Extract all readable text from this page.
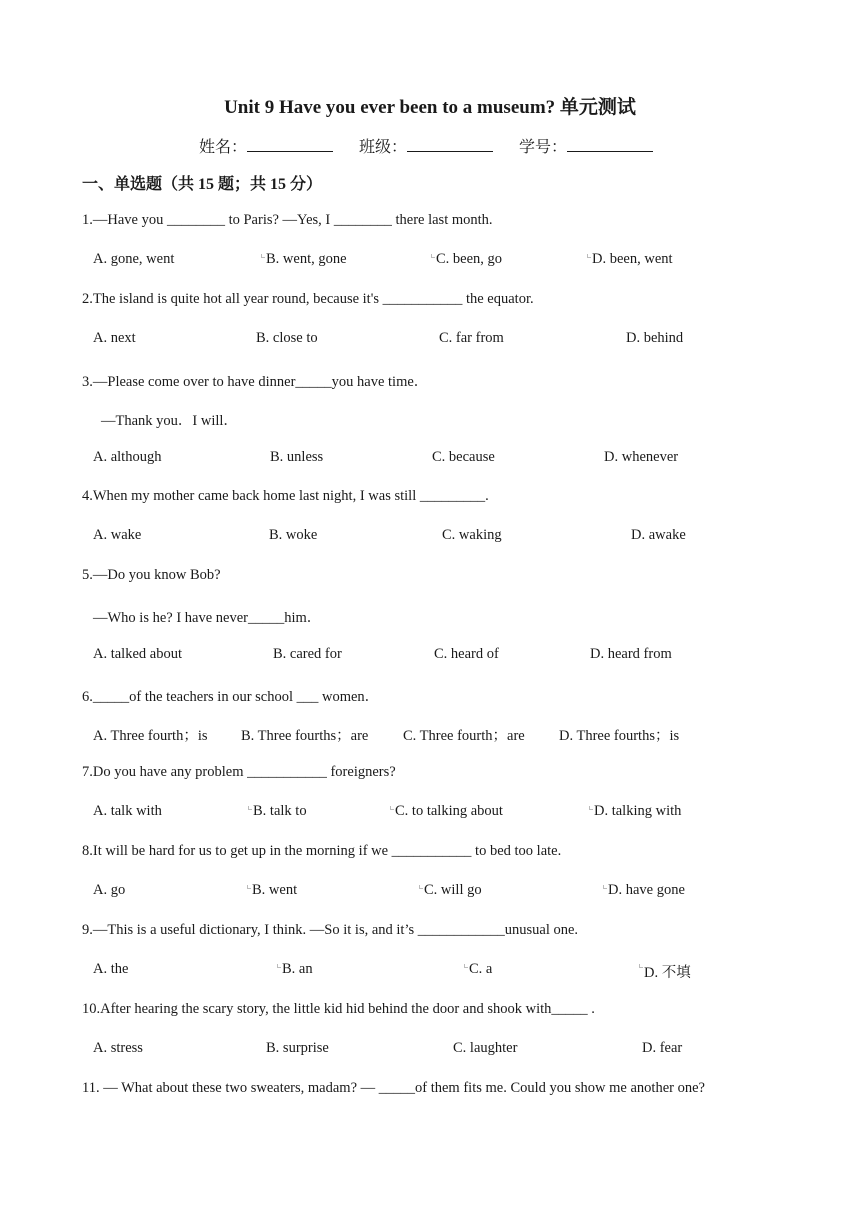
Unit 9 Have you ever been to a museum? 单元测试
姓名：	班级：	学号：
一、单选题（共 15 题；共 15 分）
1.—Have you ________ to Paris? —Yes, I ________ there last month.
A. gone, went	B. went, gone	C. been, go	D. been, went
2.The island is quite hot all year round, because it's ___________ the equator.
A. next	B. close to	C. far from	D. behind
3.—Please come over to have dinner_____you have time．
—Thank you．I will．
A. although	B. unless	C. because	D. whenever
4.When my mother came back home last night, I was still _________.
A. wake	B. woke	C. waking	D. awake
5.—Do you know Bob?
—Who is he? I have never_____him．
A. talked about	B. cared for	C. heard of	D. heard from
6._____of the teachers in our school ___ women．
A. Three fourth；is B. Three fourths；are C. Three fourth；are D. Three fourths；is
7.Do you have any problem ___________ foreigners?
A. talk with	B. talk to	C. to talking about	D. talking with
8.It will be hard for us to get up in the morning if we ___________ to bed too late.
A. go	B. went	C. will go	D. have gone
9.—This is a useful dictionary, I think. —So it is, and it’s ____________unusual one.
A. the	B. an	C. a	D. 不填
10.After hearing the scary story, the little kid hid behind the door and shook with_____ .
A. stress	B. surprise	C. laughter	D. fear
11. — What about these two sweaters, madam? — _____of them fits me. Could you show me another one?
